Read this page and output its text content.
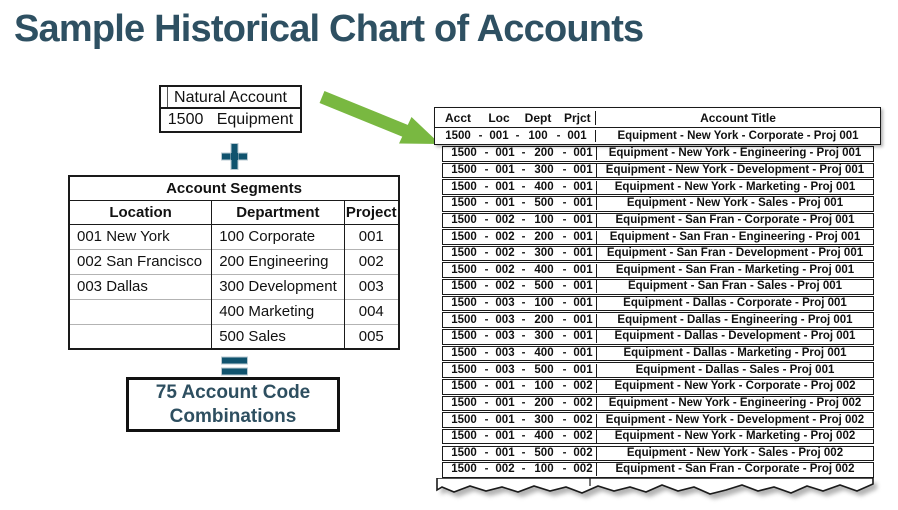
Sample Historical Chart of Accounts
Natural Account
1500   Equipment
Account Segments		
Location	Department	Project
001 New York	100 Corporate	001
002 San Francisco	200 Engineering	002
003 Dallas	300 Development	003
	400 Marketing	004
	500 Sales	005
75 Account Code Combinations
Acct	Loc Dept Prjct	Account Title
1500 - 001 - 100 - 001	Equipment - New York - Corporate - Proj 001
1500 - 001 - 200 - 001	Equipment - New York - Engineering - Proj 001
1500 - 001 - 300 - 001	Equipment - New York - Development - Proj 001
1500 - 001 - 400 - 001	Equipment - New York - Marketing - Proj 001
1500 - 001 - 500 - 001	Equipment - New York - Sales - Proj 001
1500 - 002 - 100 - 001	Equipment - San Fran - Corporate - Proj 001
1500 - 002 - 200 - 001	Equipment - San Fran - Engineering - Proj 001
1500 - 002 - 300 - 001	Equipment - San Fran - Development - Proj 001
1500 - 002 - 400 - 001	Equipment - San Fran - Marketing - Proj 001
1500 - 002 - 500 - 001	Equipment - San Fran - Sales - Proj 001
1500 - 003 - 100 - 001	Equipment - Dallas - Corporate - Proj 001
1500 - 003 - 200 - 001	Equipment - Dallas - Engineering - Proj 001
1500 - 003 - 300 - 001	Equipment - Dallas - Development - Proj 001
1500 - 003 - 400 - 001	Equipment - Dallas - Marketing - Proj 001
1500 - 003 - 500 - 001	Equipment - Dallas - Sales - Proj 001
1500 - 001 - 100 - 002	Equipment - New York - Corporate - Proj 002
1500 - 001 - 200 - 002	Equipment - New York - Engineering - Proj 002
1500 - 001 - 300 - 002	Equipment - New York - Development - Proj 002
1500 - 001 - 400 - 002	Equipment - New York - Marketing - Proj 002
1500 - 001 - 500 - 002	Equipment - New York - Sales - Proj 002
1500 - 002 - 100 - 002	Equipment - San Fran - Corporate - Proj 002
